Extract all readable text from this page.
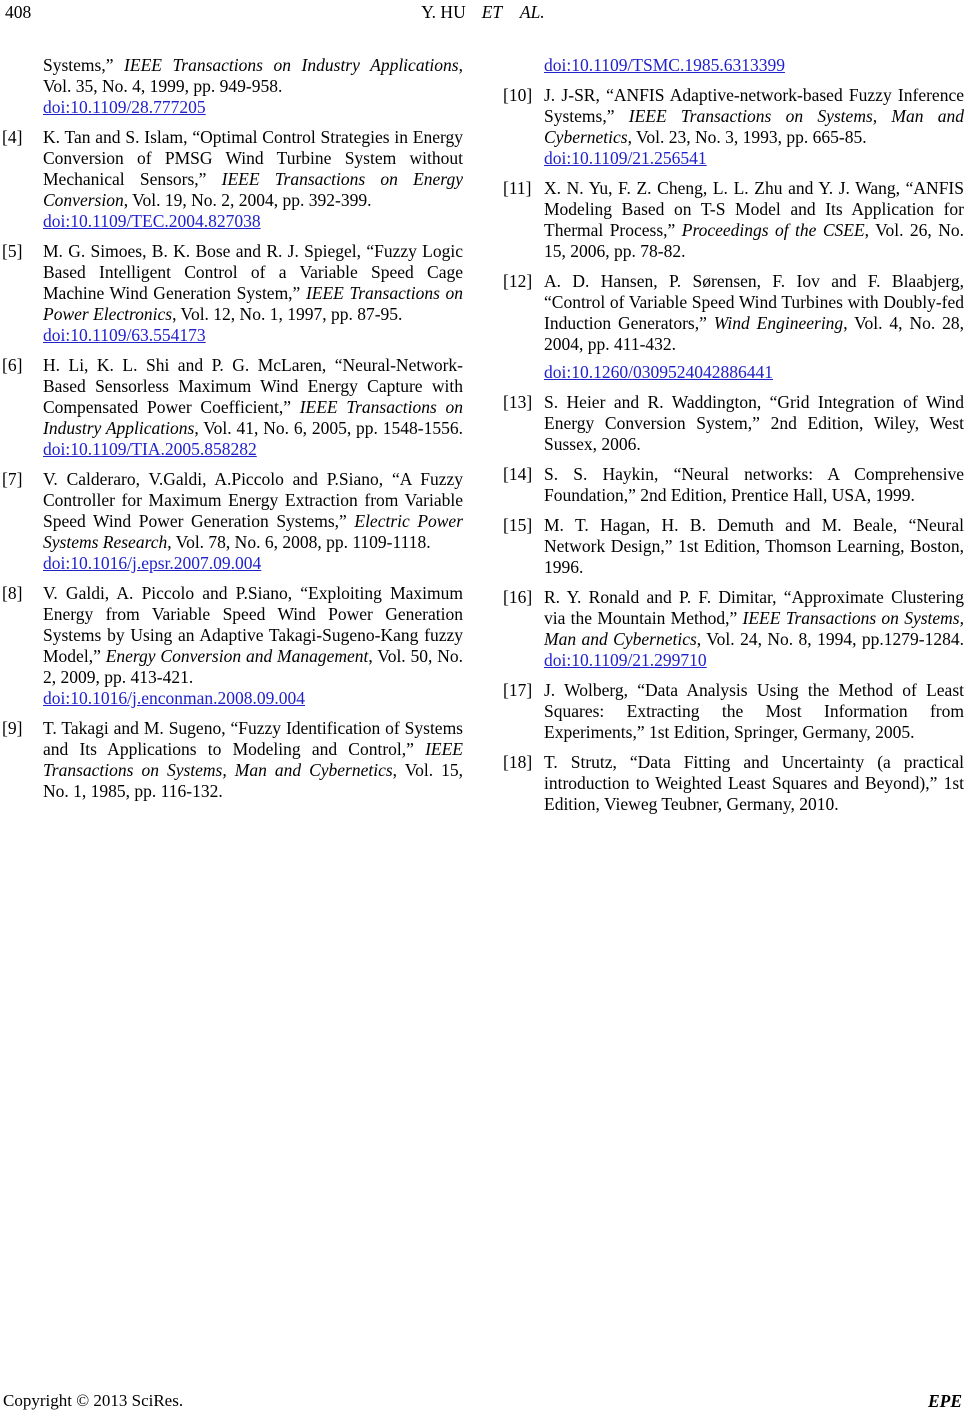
408	Y. HU ET AL.
Systems,” IEEE Transactions on Industry Applications, Vol. 35, No. 4, 1999, pp. 949-958.
doi:10.1109/28.777205
[4] K. Tan and S. Islam, “Optimal Control Strategies in Energy Conversion of PMSG Wind Turbine System without Mechanical Sensors,” IEEE Transactions on Energy Conversion, Vol. 19, No. 2, 2004, pp. 392-399.
doi:10.1109/TEC.2004.827038
[5] M. G. Simoes, B. K. Bose and R. J. Spiegel, “Fuzzy Logic Based Intelligent Control of a Variable Speed Cage Machine Wind Generation System,” IEEE Transactions on Power Electronics, Vol. 12, No. 1, 1997, pp. 87-95.
doi:10.1109/63.554173
[6] H. Li, K. L. Shi and P. G. McLaren, “Neural-Network-Based Sensorless Maximum Wind Energy Capture with Compensated Power Coefficient,” IEEE Transactions on Industry Applications, Vol. 41, No. 6, 2005, pp. 1548-1556. doi:10.1109/TIA.2005.858282
[7] V. Calderaro, V.Galdi, A.Piccolo and P.Siano, “A Fuzzy Controller for Maximum Energy Extraction from Variable Speed Wind Power Generation Systems,” Electric Power Systems Research, Vol. 78, No. 6, 2008, pp. 1109-1118.
doi:10.1016/j.epsr.2007.09.004
[8] V. Galdi, A. Piccolo and P.Siano, “Exploiting Maximum Energy from Variable Speed Wind Power Generation Systems by Using an Adaptive Takagi-Sugeno-Kang fuzzy Model,” Energy Conversion and Management, Vol. 50, No. 2, 2009, pp. 413-421.
doi:10.1016/j.enconman.2008.09.004
[9] T. Takagi and M. Sugeno, “Fuzzy Identification of Systems and Its Applications to Modeling and Control,” IEEE Transactions on Systems, Man and Cybernetics, Vol. 15, No. 1, 1985, pp. 116-132.
doi:10.1109/TSMC.1985.6313399
[10] J. J-SR, “ANFIS Adaptive-network-based Fuzzy Inference Systems,” IEEE Transactions on Systems, Man and Cybernetics, Vol. 23, No. 3, 1993, pp. 665-85.
doi:10.1109/21.256541
[11] X. N. Yu, F. Z. Cheng, L. L. Zhu and Y. J. Wang, “ANFIS Modeling Based on T-S Model and Its Application for Thermal Process,” Proceedings of the CSEE, Vol. 26, No. 15, 2006, pp. 78-82.
[12] A. D. Hansen, P. Sørensen, F. Iov and F. Blaabjerg, “Control of Variable Speed Wind Turbines with Doubly-fed Induction Generators,” Wind Engineering, Vol. 4, No. 28, 2004, pp. 411-432.
doi:10.1260/0309524042886441
[13] S. Heier and R. Waddington, “Grid Integration of Wind Energy Conversion System,” 2nd Edition, Wiley, West Sussex, 2006.
[14] S. S. Haykin, “Neural networks: A Comprehensive Foundation,” 2nd Edition, Prentice Hall, USA, 1999.
[15] M. T. Hagan, H. B. Demuth and M. Beale, “Neural Network Design,” 1st Edition, Thomson Learning, Boston, 1996.
[16] R. Y. Ronald and P. F. Dimitar, “Approximate Clustering via the Mountain Method,” IEEE Transactions on Systems, Man and Cybernetics, Vol. 24, No. 8, 1994, pp.1279-1284. doi:10.1109/21.299710
[17] J. Wolberg, “Data Analysis Using the Method of Least Squares: Extracting the Most Information from Experiments,” 1st Edition, Springer, Germany, 2005.
[18] T. Strutz, “Data Fitting and Uncertainty (a practical introduction to Weighted Least Squares and Beyond),” 1st Edition, Vieweg Teubner, Germany, 2010.
Copyright © 2013 SciRes.	EPE
